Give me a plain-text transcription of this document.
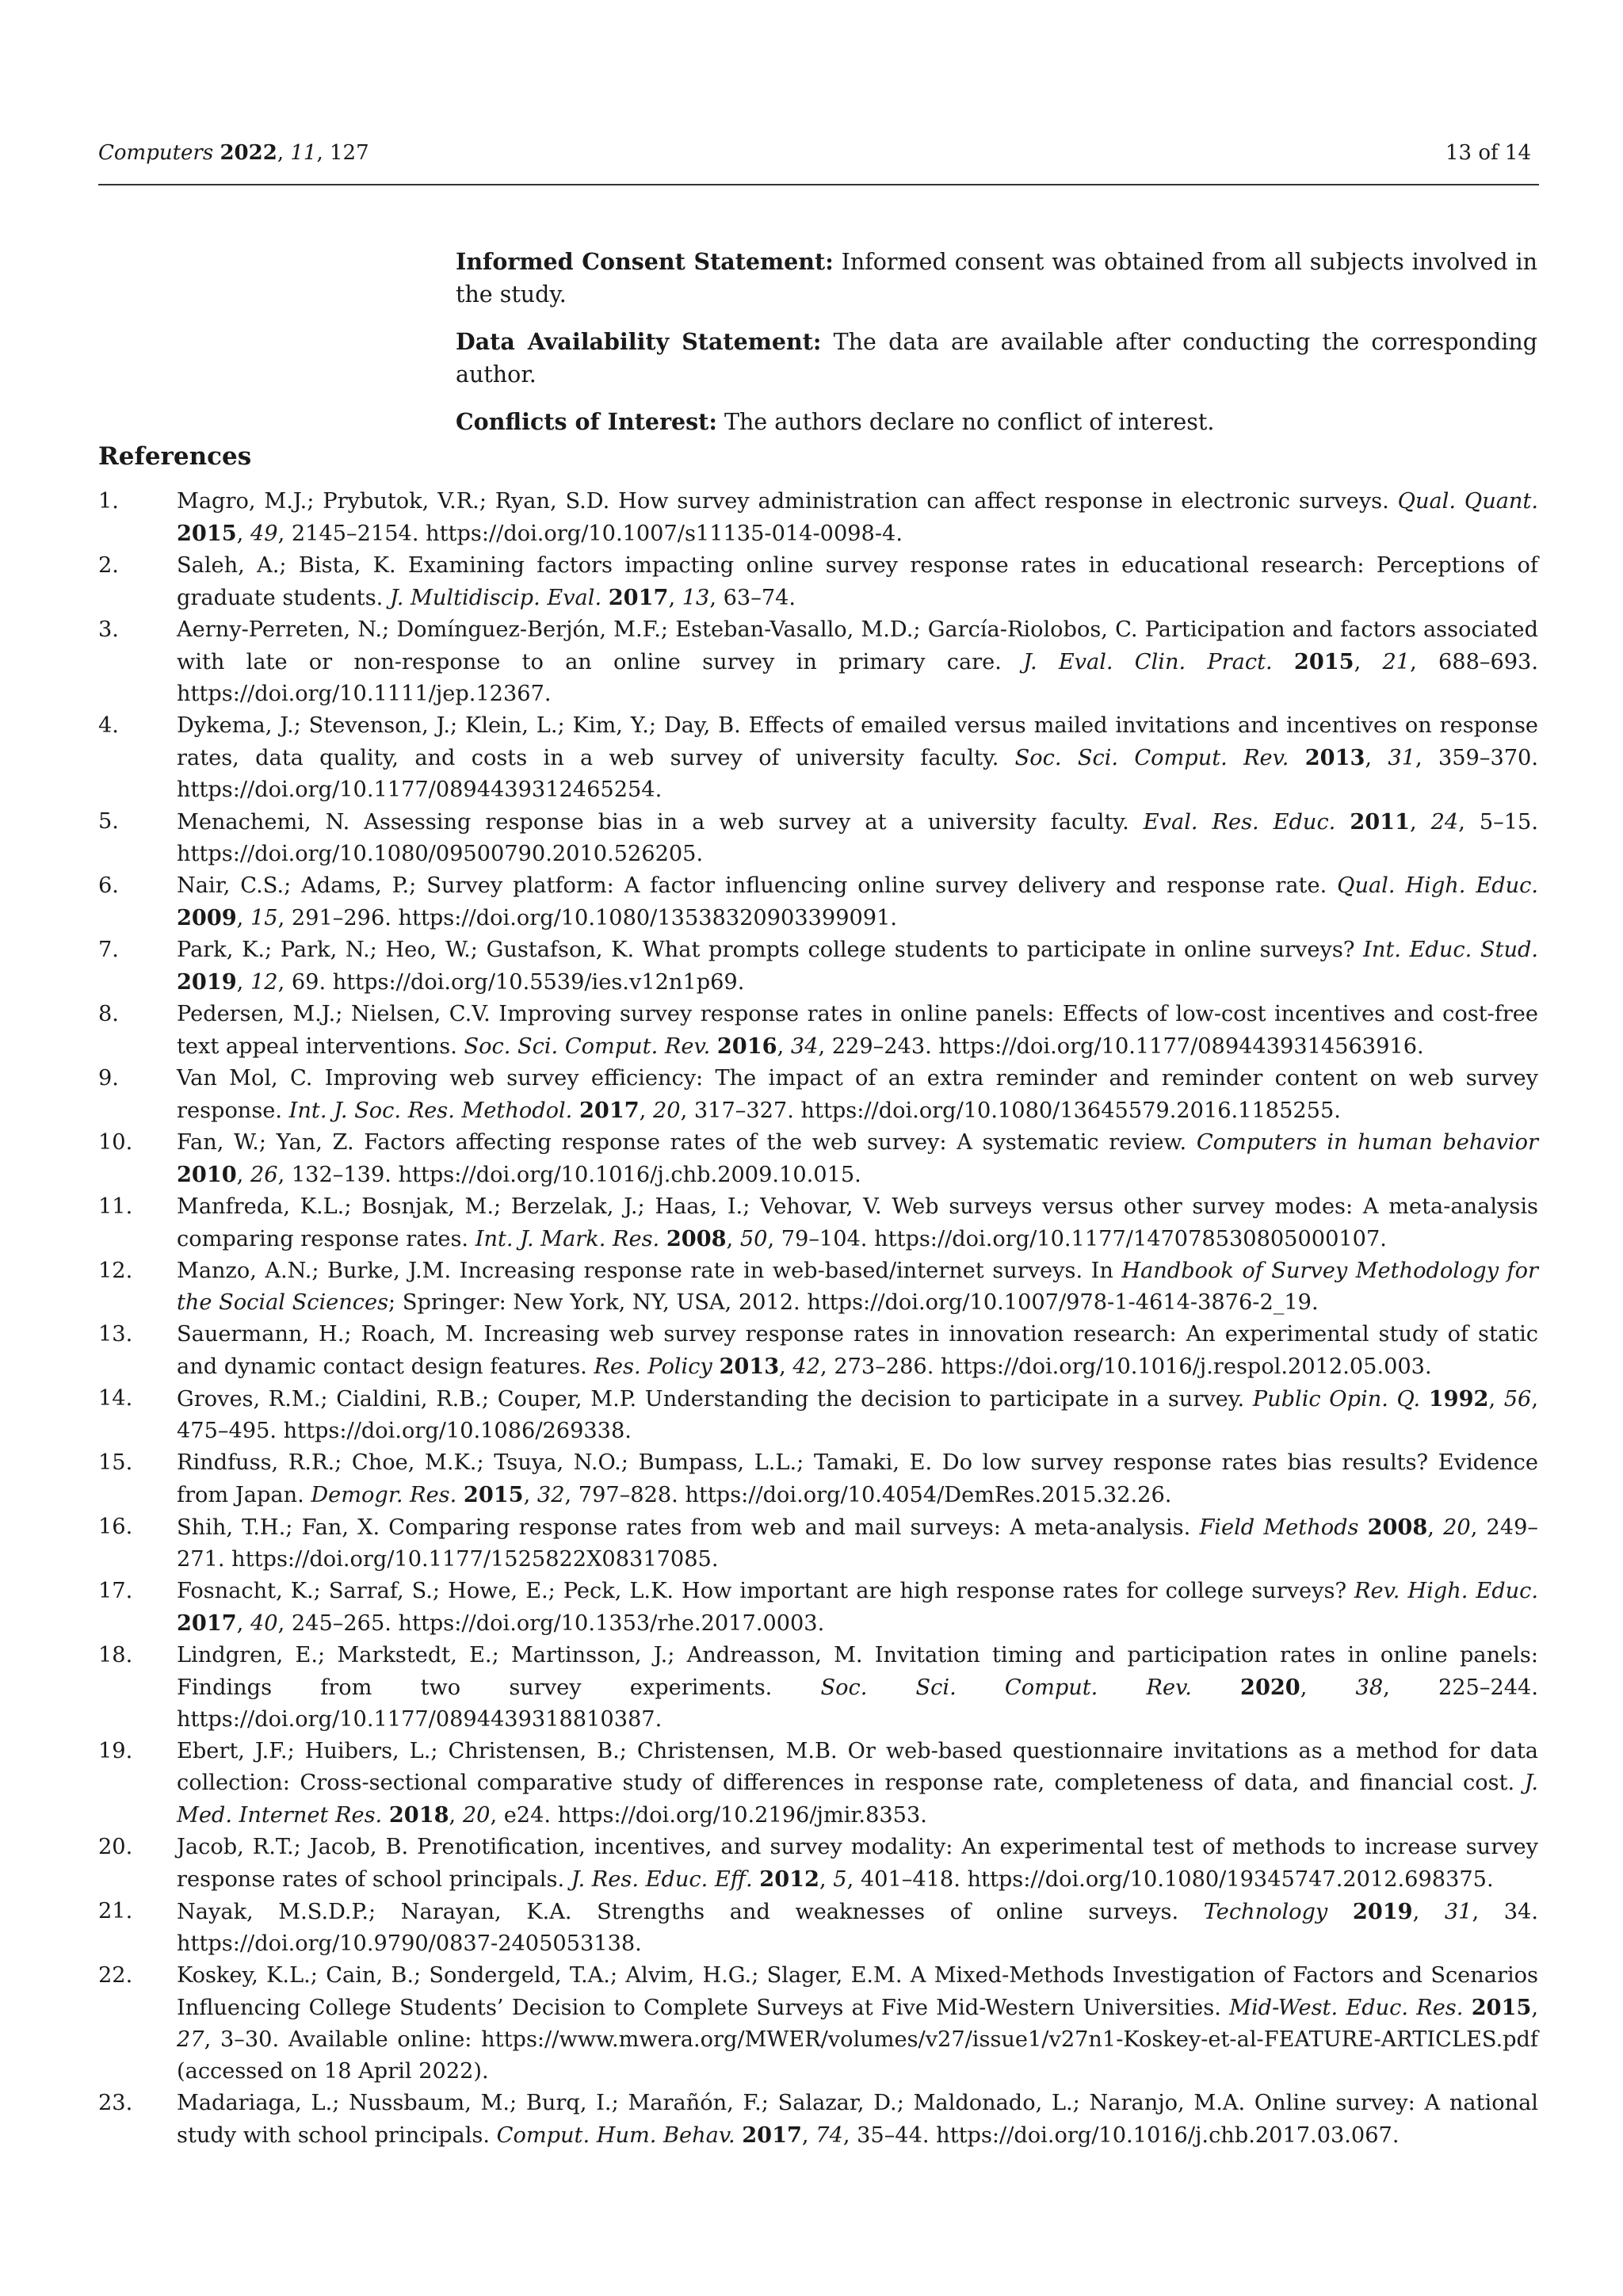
Computers 2022, 11, 127	13 of 14

Informed Consent Statement: Informed consent was obtained from all subjects involved in the study.

Data Availability Statement: The data are available after conducting the corresponding author.

Conflicts of Interest: The authors declare no conflict of interest.

References
1.	Magro, M.J.; Prybutok, V.R.; Ryan, S.D. How survey administration can affect response in electronic surveys. Qual. Quant. 2015, 49, 2145–2154. https://doi.org/10.1007/s11135-014-0098-4.
2.	Saleh, A.; Bista, K. Examining factors impacting online survey response rates in educational research: Perceptions of graduate students. J. Multidiscip. Eval. 2017, 13, 63–74.
3.	Aerny-Perreten, N.; Domínguez-Berjón, M.F.; Esteban-Vasallo, M.D.; García-Riolobos, C. Participation and factors associated with late or non-response to an online survey in primary care. J. Eval. Clin. Pract. 2015, 21, 688–693. https://doi.org/10.1111/jep.12367.
4.	Dykema, J.; Stevenson, J.; Klein, L.; Kim, Y.; Day, B. Effects of emailed versus mailed invitations and incentives on response rates, data quality, and costs in a web survey of university faculty. Soc. Sci. Comput. Rev. 2013, 31, 359–370. https://doi.org/10.1177/0894439312465254.
5.	Menachemi, N. Assessing response bias in a web survey at a university faculty. Eval. Res. Educ. 2011, 24, 5–15. https://doi.org/10.1080/09500790.2010.526205.
6.	Nair, C.S.; Adams, P.; Survey platform: A factor influencing online survey delivery and response rate. Qual. High. Educ. 2009, 15, 291–296. https://doi.org/10.1080/13538320903399091.
7.	Park, K.; Park, N.; Heo, W.; Gustafson, K. What prompts college students to participate in online surveys? Int. Educ. Stud. 2019, 12, 69. https://doi.org/10.5539/ies.v12n1p69.
8.	Pedersen, M.J.; Nielsen, C.V. Improving survey response rates in online panels: Effects of low-cost incentives and cost-free text appeal interventions. Soc. Sci. Comput. Rev. 2016, 34, 229–243. https://doi.org/10.1177/0894439314563916.
9.	Van Mol, C. Improving web survey efficiency: The impact of an extra reminder and reminder content on web survey response. Int. J. Soc. Res. Methodol. 2017, 20, 317–327. https://doi.org/10.1080/13645579.2016.1185255.
10.	Fan, W.; Yan, Z. Factors affecting response rates of the web survey: A systematic review. Computers in human behavior 2010, 26, 132–139. https://doi.org/10.1016/j.chb.2009.10.015.
11.	Manfreda, K.L.; Bosnjak, M.; Berzelak, J.; Haas, I.; Vehovar, V. Web surveys versus other survey modes: A meta-analysis comparing response rates. Int. J. Mark. Res. 2008, 50, 79–104. https://doi.org/10.1177/147078530805000107.
12.	Manzo, A.N.; Burke, J.M. Increasing response rate in web-based/internet surveys. In Handbook of Survey Methodology for the Social Sciences; Springer: New York, NY, USA, 2012. https://doi.org/10.1007/978-1-4614-3876-2_19.
13.	Sauermann, H.; Roach, M. Increasing web survey response rates in innovation research: An experimental study of static and dynamic contact design features. Res. Policy 2013, 42, 273–286. https://doi.org/10.1016/j.respol.2012.05.003.
14.	Groves, R.M.; Cialdini, R.B.; Couper, M.P. Understanding the decision to participate in a survey. Public Opin. Q. 1992, 56, 475–495. https://doi.org/10.1086/269338.
15.	Rindfuss, R.R.; Choe, M.K.; Tsuya, N.O.; Bumpass, L.L.; Tamaki, E. Do low survey response rates bias results? Evidence from Japan. Demogr. Res. 2015, 32, 797–828. https://doi.org/10.4054/DemRes.2015.32.26.
16.	Shih, T.H.; Fan, X. Comparing response rates from web and mail surveys: A meta-analysis. Field Methods 2008, 20, 249–271. https://doi.org/10.1177/1525822X08317085.
17.	Fosnacht, K.; Sarraf, S.; Howe, E.; Peck, L.K. How important are high response rates for college surveys? Rev. High. Educ. 2017, 40, 245–265. https://doi.org/10.1353/rhe.2017.0003.
18.	Lindgren, E.; Markstedt, E.; Martinsson, J.; Andreasson, M. Invitation timing and participation rates in online panels: Findings from two survey experiments. Soc. Sci. Comput. Rev. 2020, 38, 225–244. https://doi.org/10.1177/0894439318810387.
19.	Ebert, J.F.; Huibers, L.; Christensen, B.; Christensen, M.B. Or web-based questionnaire invitations as a method for data collection: Cross-sectional comparative study of differences in response rate, completeness of data, and financial cost. J. Med. Internet Res. 2018, 20, e24. https://doi.org/10.2196/jmir.8353.
20.	Jacob, R.T.; Jacob, B. Prenotification, incentives, and survey modality: An experimental test of methods to increase survey response rates of school principals. J. Res. Educ. Eff. 2012, 5, 401–418. https://doi.org/10.1080/19345747.2012.698375.
21.	Nayak, M.S.D.P.; Narayan, K.A. Strengths and weaknesses of online surveys. Technology 2019, 31, 34. https://doi.org/10.9790/0837-2405053138.
22.	Koskey, K.L.; Cain, B.; Sondergeld, T.A.; Alvim, H.G.; Slager, E.M. A Mixed-Methods Investigation of Factors and Scenarios Influencing College Students’ Decision to Complete Surveys at Five Mid-Western Universities. Mid-West. Educ. Res. 2015, 27, 3–30. Available online: https://www.mwera.org/MWER/volumes/v27/issue1/v27n1-Koskey-et-al-FEATURE-ARTICLES.pdf (accessed on 18 April 2022).
23.	Madariaga, L.; Nussbaum, M.; Burq, I.; Marañón, F.; Salazar, D.; Maldonado, L.; Naranjo, M.A. Online survey: A national study with school principals. Comput. Hum. Behav. 2017, 74, 35–44. https://doi.org/10.1016/j.chb.2017.03.067.
